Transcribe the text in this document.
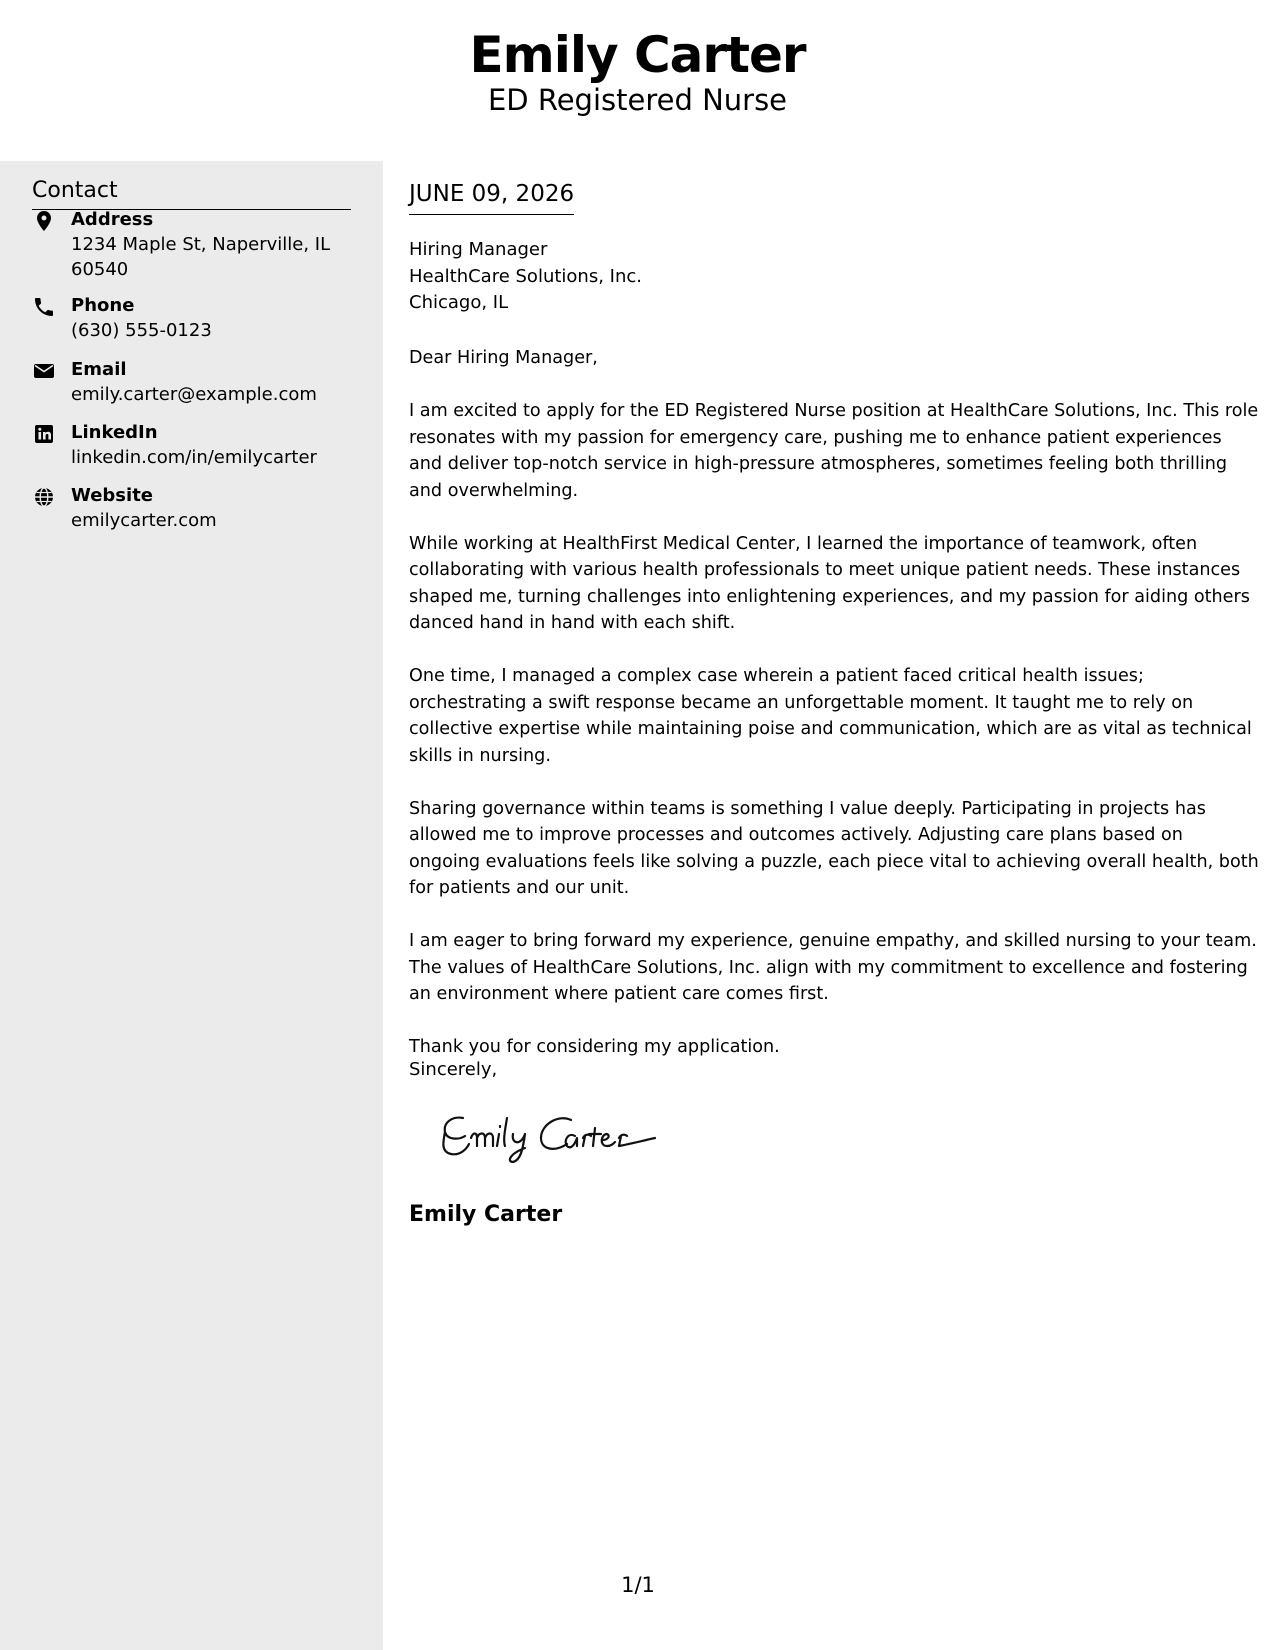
Emily Carter
ED Registered Nurse
Contact
Address
1234 Maple St, Naperville, IL 60540
Phone
(630) 555-0123
Email
emily.carter@example.com
LinkedIn
linkedin.com/in/emilycarter
Website
emilycarter.com
JUNE 09, 2026
Hiring Manager
HealthCare Solutions, Inc.
Chicago, IL

Dear Hiring Manager,

I am excited to apply for the ED Registered Nurse position at HealthCare Solutions, Inc. This role resonates with my passion for emergency care, pushing me to enhance patient experiences and deliver top-notch service in high-pressure atmospheres, sometimes feeling both thrilling and overwhelming.

While working at HealthFirst Medical Center, I learned the importance of teamwork, often collaborating with various health professionals to meet unique patient needs. These instances shaped me, turning challenges into enlightening experiences, and my passion for aiding others danced hand in hand with each shift.

One time, I managed a complex case wherein a patient faced critical health issues; orchestrating a swift response became an unforgettable moment. It taught me to rely on collective expertise while maintaining poise and communication, which are as vital as technical skills in nursing.

Sharing governance within teams is something I value deeply. Participating in projects has allowed me to improve processes and outcomes actively. Adjusting care plans based on ongoing evaluations feels like solving a puzzle, each piece vital to achieving overall health, both for patients and our unit.

I am eager to bring forward my experience, genuine empathy, and skilled nursing to your team. The values of HealthCare Solutions, Inc. align with my commitment to excellence and fostering an environment where patient care comes first.

Thank you for considering my application.

Sincerely,
Emily Carter
1/1
